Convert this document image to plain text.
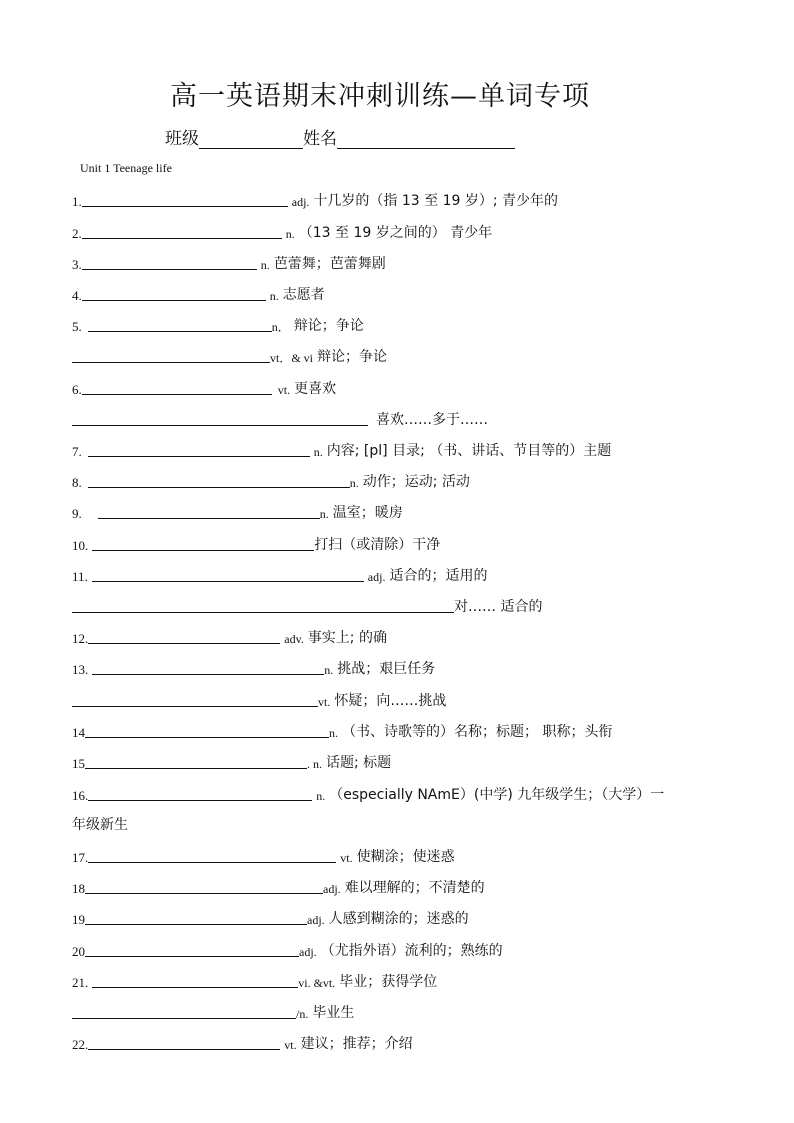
高一英语期末冲刺训练—单词专项
班级	姓名
Unit 1 Teenage life
1.	adj. 十几岁的（指 13 至 19 岁）; 青少年的
2.	n. （13 至 19 岁之间的） 青少年
3.	n. 芭蕾舞；芭蕾舞剧
4.	n. 志愿者
5.	n． 辩论；争论
vt．& vi 辩论；争论
6.	vt. 更喜欢
喜欢……多于……
7.	n. 内容; [pl] 目录; （书、讲话、节目等的）主题
8.	n. 动作；运动; 活动
9.	n. 温室；暖房
10.	打扫（或清除）干净
11.	adj. 适合的；适用的
对…… 适合的
12.	adv. 事实上; 的确
13.	n. 挑战；艰巨任务
vt. 怀疑；向……挑战
14	n. （书、诗歌等的）名称；标题； 职称；头衔
15	. n. 话题; 标题
16.	n. （especially NAmE）(中学) 九年级学生；（大学）一
年级新生
17.	vt. 使糊涂；使迷惑
18	adj. 难以理解的；不清楚的
19	adj. 人感到糊涂的；迷惑的
20	adj. （尤指外语）流利的；熟练的
21.	vi. &vt. 毕业；获得学位
/n. 毕业生
22.	vt. 建议；推荐；介绍
